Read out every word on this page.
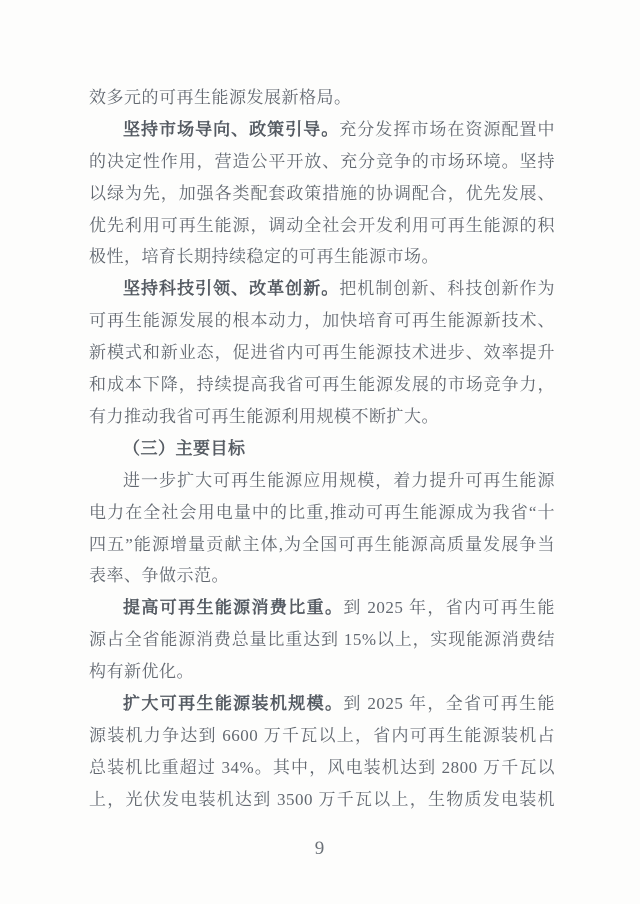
效多元的可再生能源发展新格局。
坚持市场导向、政策引导。充分发挥市场在资源配置中
的决定性作用，营造公平开放、充分竞争的市场环境。坚持
以绿为先，加强各类配套政策措施的协调配合，优先发展、
优先利用可再生能源，调动全社会开发利用可再生能源的积
极性，培育长期持续稳定的可再生能源市场。
坚持科技引领、改革创新。把机制创新、科技创新作为
可再生能源发展的根本动力，加快培育可再生能源新技术、
新模式和新业态，促进省内可再生能源技术进步、效率提升
和成本下降，持续提高我省可再生能源发展的市场竞争力，
有力推动我省可再生能源利用规模不断扩大。
（三）主要目标
进一步扩大可再生能源应用规模，着力提升可再生能源
电力在全社会用电量中的比重,推动可再生能源成为我省“十
四五”能源增量贡献主体,为全国可再生能源高质量发展争当
表率、争做示范。
提高可再生能源消费比重。到 2025 年，省内可再生能
源占全省能源消费总量比重达到 15%以上，实现能源消费结
构有新优化。
扩大可再生能源装机规模。到 2025 年，全省可再生能
源装机力争达到 6600 万千瓦以上，省内可再生能源装机占
总装机比重超过 34%。其中，风电装机达到 2800 万千瓦以
上，光伏发电装机达到 3500 万千瓦以上，生物质发电装机
9
